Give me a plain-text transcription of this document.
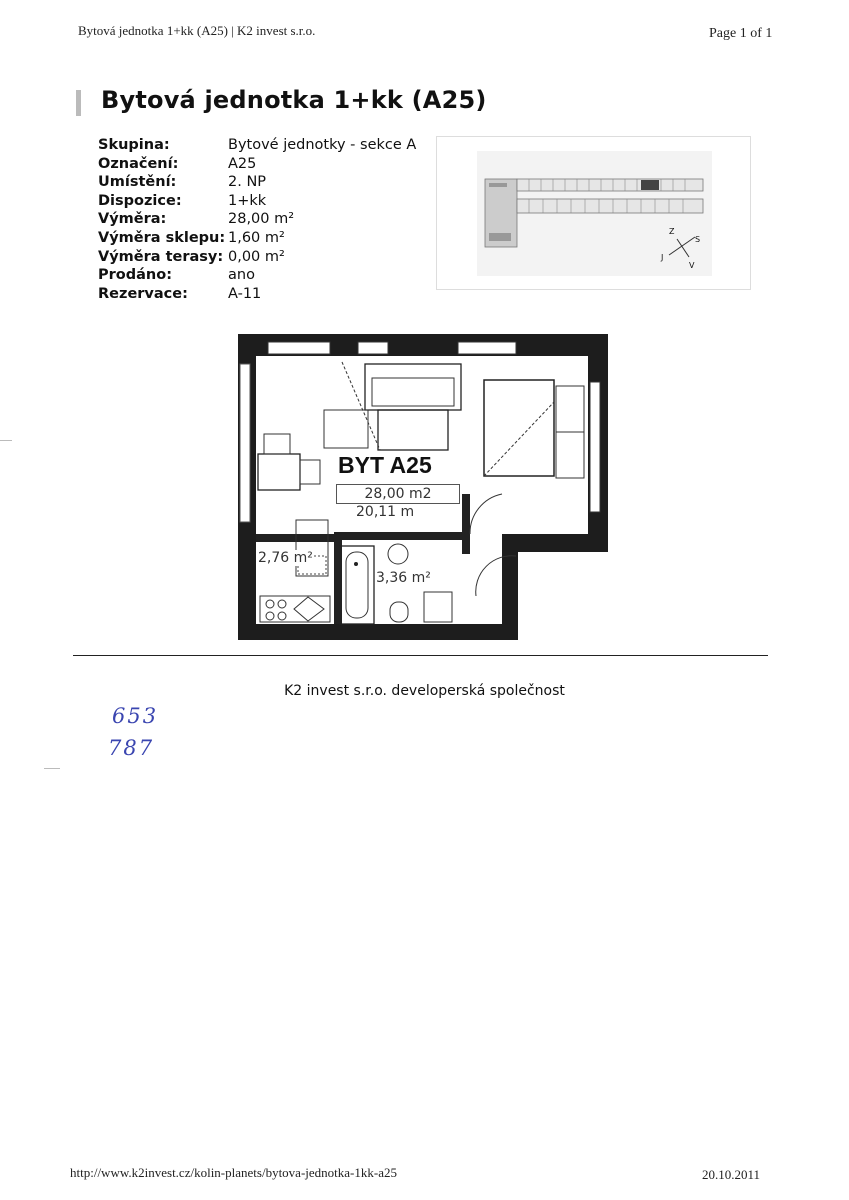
Bytová jednotka 1+kk (A25) | K2 invest s.r.o.	Page 1 of 1
Bytová jednotka 1+kk (A25)
Skupina:	Bytové jednotky - sekce A
Označení:	A25
Umístění:	2. NP
Dispozice:	1+kk
Výměra:	28,00 m²
Výměra sklepu: 1,60 m²
Výměra terasy: 0,00 m²
Prodáno:	ano
Rezervace:	A-11
Z
S
J
V
BYT A25
28,00 m2
20,11 m
2,76 m²
3,36 m²
K2 invest s.r.o. developerská společnost
653
787
http://www.k2invest.cz/kolin-planets/bytova-jednotka-1kk-a25	20.10.2011
